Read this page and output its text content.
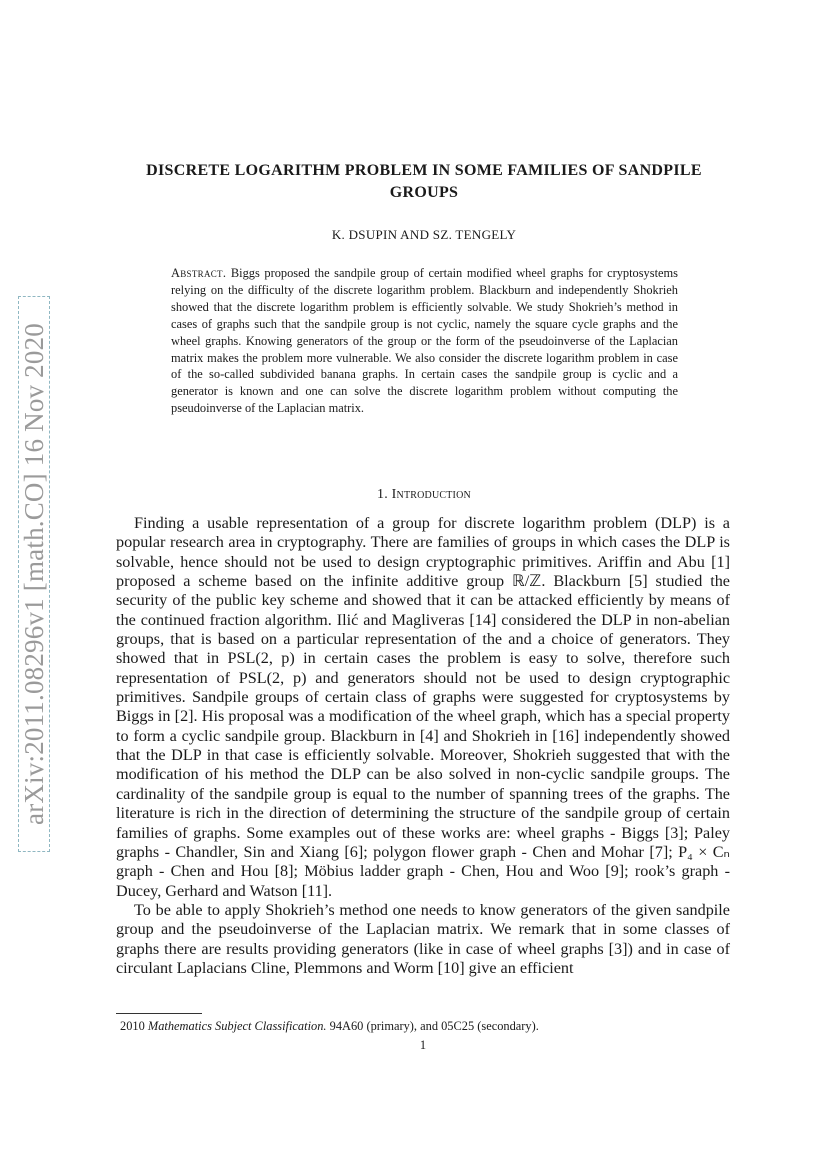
arXiv:2011.08296v1 [math.CO] 16 Nov 2020
DISCRETE LOGARITHM PROBLEM IN SOME FAMILIES OF SANDPILE GROUPS
K. DSUPIN AND SZ. TENGELY
Abstract. Biggs proposed the sandpile group of certain modified wheel graphs for cryptosystems relying on the difficulty of the discrete logarithm problem. Blackburn and independently Shokrieh showed that the discrete logarithm problem is efficiently solvable. We study Shokrieh’s method in cases of graphs such that the sandpile group is not cyclic, namely the square cycle graphs and the wheel graphs. Knowing generators of the group or the form of the pseudoinverse of the Laplacian matrix makes the problem more vulnerable. We also consider the discrete logarithm problem in case of the so-called subdivided banana graphs. In certain cases the sandpile group is cyclic and a generator is known and one can solve the discrete logarithm problem without computing the pseudoinverse of the Laplacian matrix.
1. Introduction

Finding a usable representation of a group for discrete logarithm problem (DLP) is a popular research area in cryptography. There are families of groups in which cases the DLP is solvable, hence should not be used to design cryptographic primitives. Ariffin and Abu [1] proposed a scheme based on the infinite additive group ℝ/ℤ. Blackburn [5] studied the security of the public key scheme and showed that it can be attacked efficiently by means of the continued fraction algorithm. Ilić and Magliveras [14] considered the DLP in non-abelian groups, that is based on a particular representation of the and a choice of generators. They showed that in PSL(2, p) in certain cases the problem is easy to solve, therefore such representation of PSL(2, p) and generators should not be used to design cryptographic primitives. Sandpile groups of certain class of graphs were suggested for cryptosystems by Biggs in [2]. His proposal was a modification of the wheel graph, which has a special property to form a cyclic sandpile group. Blackburn in [4] and Shokrieh in [16] independently showed that the DLP in that case is efficiently solvable. Moreover, Shokrieh suggested that with the modification of his method the DLP can be also solved in non-cyclic sandpile groups. The cardinality of the sandpile group is equal to the number of spanning trees of the graphs. The literature is rich in the direction of determining the structure of the sandpile group of certain families of graphs. Some examples out of these works are: wheel graphs - Biggs [3]; Paley graphs - Chandler, Sin and Xiang [6]; polygon flower graph - Chen and Mohar [7]; P₄ × Cₙ graph - Chen and Hou [8]; Möbius ladder graph - Chen, Hou and Woo [9]; rook’s graph - Ducey, Gerhard and Watson [11].

To be able to apply Shokrieh’s method one needs to know generators of the given sandpile group and the pseudoinverse of the Laplacian matrix. We remark that in some classes of graphs there are results providing generators (like in case of wheel graphs [3]) and in case of circulant Laplacians Cline, Plemmons and Worm [10] give an efficient

2010 Mathematics Subject Classification. 94A60 (primary), and 05C25 (secondary).
1
